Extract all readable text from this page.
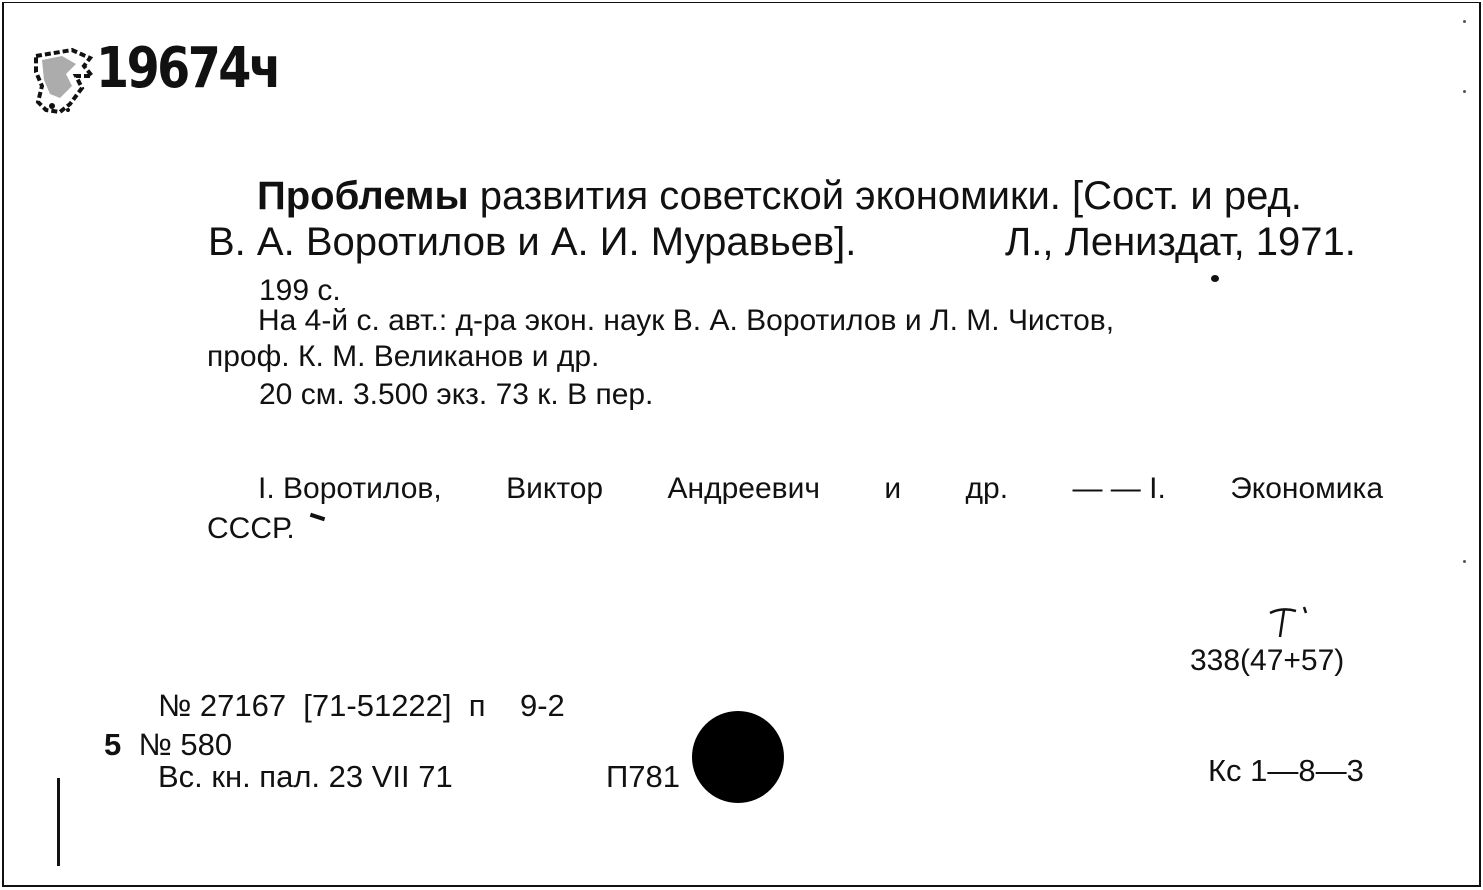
19674ч
Проблемы развития советской экономики. [Сост. и ред.
В. А. Воротилов и А. И. Муравьев].	Л., Лениздат, 1971.
199 с.
На 4-й с. авт.: д-ра экон. наук В. А. Воротилов и Л. М. Чистов,
проф. К. М. Великанов и др.
20 см. 3.500 экз. 73 к. В пер.
I. Воротилов, Виктор Андреевич и др. — — I. Экономика
СССР.
338(47+57)
№ 27167  [71-51222]  п    9-2
5 № 580
Вс. кн. пал. 23 VII 71	П781	Кс 1—8—3
